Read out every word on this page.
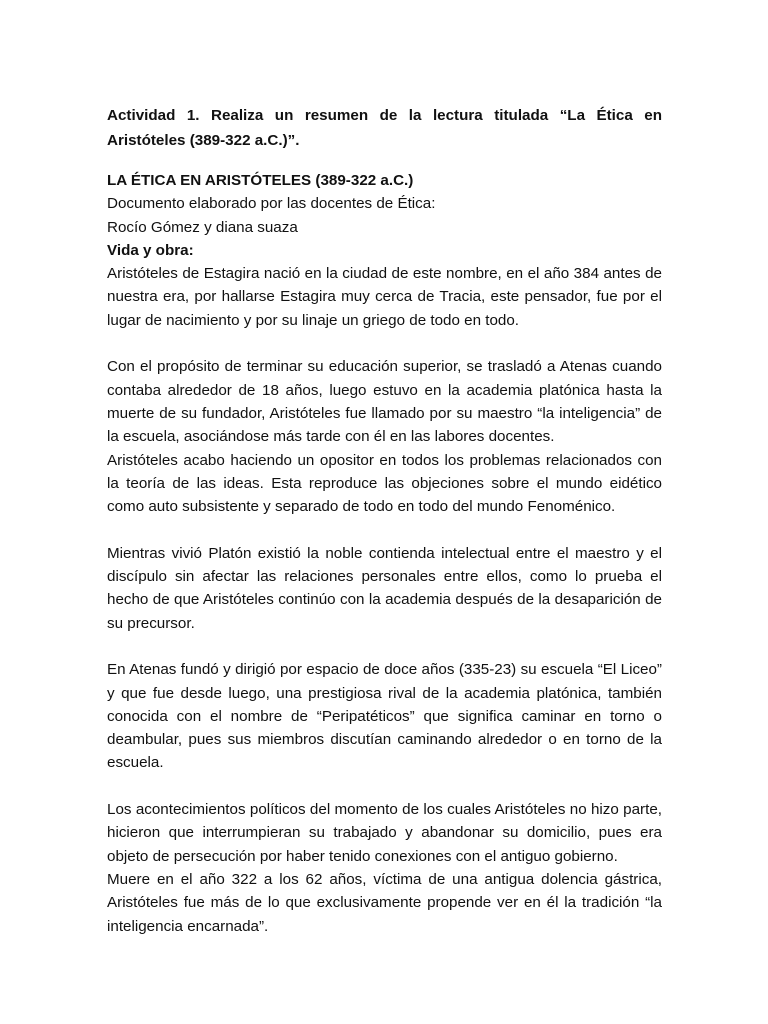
Actividad 1. Realiza un resumen de la lectura titulada “La Ética en Aristóteles (389-322 a.C.)”.

LA ÉTICA EN ARISTÓTELES (389-322 a.C.)

Documento elaborado por las docentes de Ética:

Rocío Gómez y diana suaza

Vida y obra:

Aristóteles de Estagira nació en la ciudad de este nombre, en el año 384 antes de nuestra era, por hallarse Estagira muy cerca de Tracia, este pensador, fue por el lugar de nacimiento y por su linaje un griego de todo en todo.

Con el propósito de terminar su educación superior, se trasladó a Atenas cuando contaba alrededor de 18 años, luego estuvo en la academia platónica hasta la muerte de su fundador, Aristóteles fue llamado por su maestro “la inteligencia” de la escuela, asociándose más tarde con él en las labores docentes.

Aristóteles acabo haciendo un opositor en todos los problemas relacionados con la teoría de las ideas. Esta reproduce las objeciones sobre el mundo eidético como auto subsistente y separado de todo en todo del mundo Fenoménico.

Mientras vivió Platón existió la noble contienda intelectual entre el maestro y el discípulo sin afectar las relaciones personales entre ellos, como lo prueba el hecho de que Aristóteles continúo con la academia después de la desaparición de su precursor.

En Atenas fundó y dirigió por espacio de doce años (335-23) su escuela “El Liceo” y que fue desde luego, una prestigiosa rival de la academia platónica, también conocida con el nombre de “Peripatéticos” que significa caminar en torno o deambular, pues sus miembros discutían caminando alrededor o en torno de la escuela.

Los acontecimientos políticos del momento de los cuales Aristóteles no hizo parte, hicieron que interrumpieran su trabajado y abandonar su domicilio, pues era objeto de persecución por haber tenido conexiones con el antiguo gobierno.

Muere en el año 322 a los 62 años, víctima de una antigua dolencia gástrica, Aristóteles fue más de lo que exclusivamente propende ver en él la tradición “la inteligencia encarnada”.
